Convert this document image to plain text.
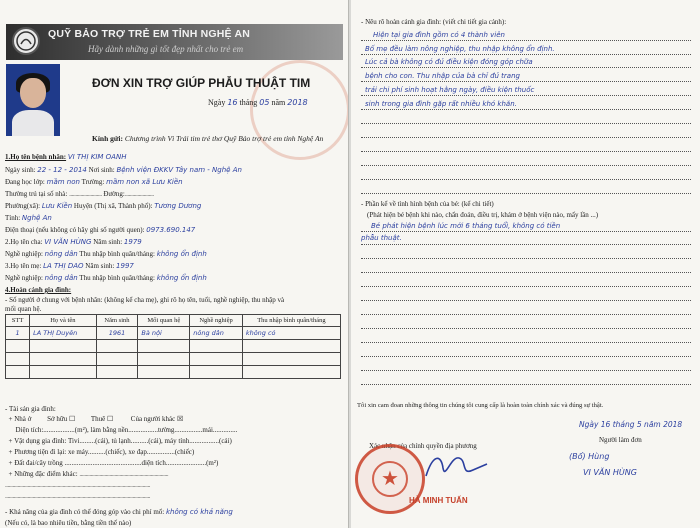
QUỸ BẢO TRỢ TRẺ EM TỈNH NGHỆ AN
Hãy dành những gì tốt đẹp nhất cho trẻ em
ĐƠN XIN TRỢ GIÚP PHẪU THUẬT TIM
Ngày 16 tháng 05 năm 2018
Kính gửi: Chương trình Vì Trái tim trẻ thơ Quỹ Bảo trợ trẻ em tỉnh Nghệ An
1.Họ tên bệnh nhân: VI THỊ KIM OANH
Ngày sinh: 22 - 12 - 2014 Nơi sinh: Bệnh viện ĐKKV Tây nam - Nghệ An
Đang học lớp: mầm non Trường: mầm non xã Lưu Kiền
Thường trú tại số nhà: .......................... Đường:.......................
Phường(xã): Lưu Kiền Huyện (Thị xã, Thành phố): Tương Dương
Tỉnh: Nghệ An
Điện thoại (nếu không có hãy ghi số người quen): 0973.690.147
2.Họ tên cha: VI VĂN HÙNG Năm sinh: 1979
Nghề nghiệp: nông dân Thu nhập bình quân/tháng: không ổn định
3.Họ tên mẹ: LA THỊ DAO Năm sinh: 1997
Nghề nghiệp: nông dân Thu nhập bình quân/tháng: không ổn định
4.Hoàn cảnh gia đình:
- Số người ở chung với bệnh nhân: (không kể cha mẹ), ghi rõ họ tên, tuổi, nghề nghiệp, thu nhập và
mối quan hệ.
STT	Họ và tên	Năm sinh	Mối quan hệ	Nghề nghiệp	Thu nhập bình quân/tháng
1	LA THỊ Duyên	1961	Bà nội	nông dân	không có

- Tài sản gia đình:
+ Nhà ở Sở hữu ☐         Thuê ☐          Của người khác ☒
Diện tích:..................(m²), làm bằng nền.................tường................mái..............
+ Vật dụng gia đình: Tivi.........(cái), tủ lạnh..........(cái), máy tính.................(cái)
+ Phương tiện đi lại: xe máy..........(chiếc), xe đạp................(chiếc)
+ Đất đai/cây trồng ............................................diện tích.......................(m²)
+ Những đặc điểm khác: .......................................................................
....................................................................................................................
....................................................................................................................
- Khả năng của gia đình có thể đóng góp vào chi phí mổ: không có khả năng
(Nếu có, là bao nhiêu tiền, bằng tiền thế nào)
- Nêu rõ hoàn cảnh gia đình: (viết chi tiết gia cảnh):
Hiện tại gia đình gồm có 4 thành viên
Bố mẹ đều làm nông nghiệp, thu nhập không ổn định.
Lúc cả bà không có đủ điều kiện đóng góp chữa
bệnh cho con. Thu nhập của bà chỉ đủ trang
trải chi phí sinh hoạt hằng ngày, điều kiện thuốc
sinh trong gia đình gặp rất nhiều khó khăn.
- Phần kể về tình hình bệnh của bé: (kể chi tiết)
(Phát hiện bé bệnh khi nào, chẩn đoán, điều trị, khám ở bệnh viện nào, mấy lần ...)
Bé phát hiện bệnh lúc mới 6 tháng tuổi, không có tiền
phẫu thuật.
Tôi xin cam đoan những thông tin chúng tôi cung cấp là hoàn toàn chính xác và đúng sự thật.
Ngày 16 tháng 5 năm 2018
Xác nhận của chính quyền địa phương
Người làm đơn
★
HÀ MINH TUẤN
(Bố) Hùng
VI VĂN HÙNG
